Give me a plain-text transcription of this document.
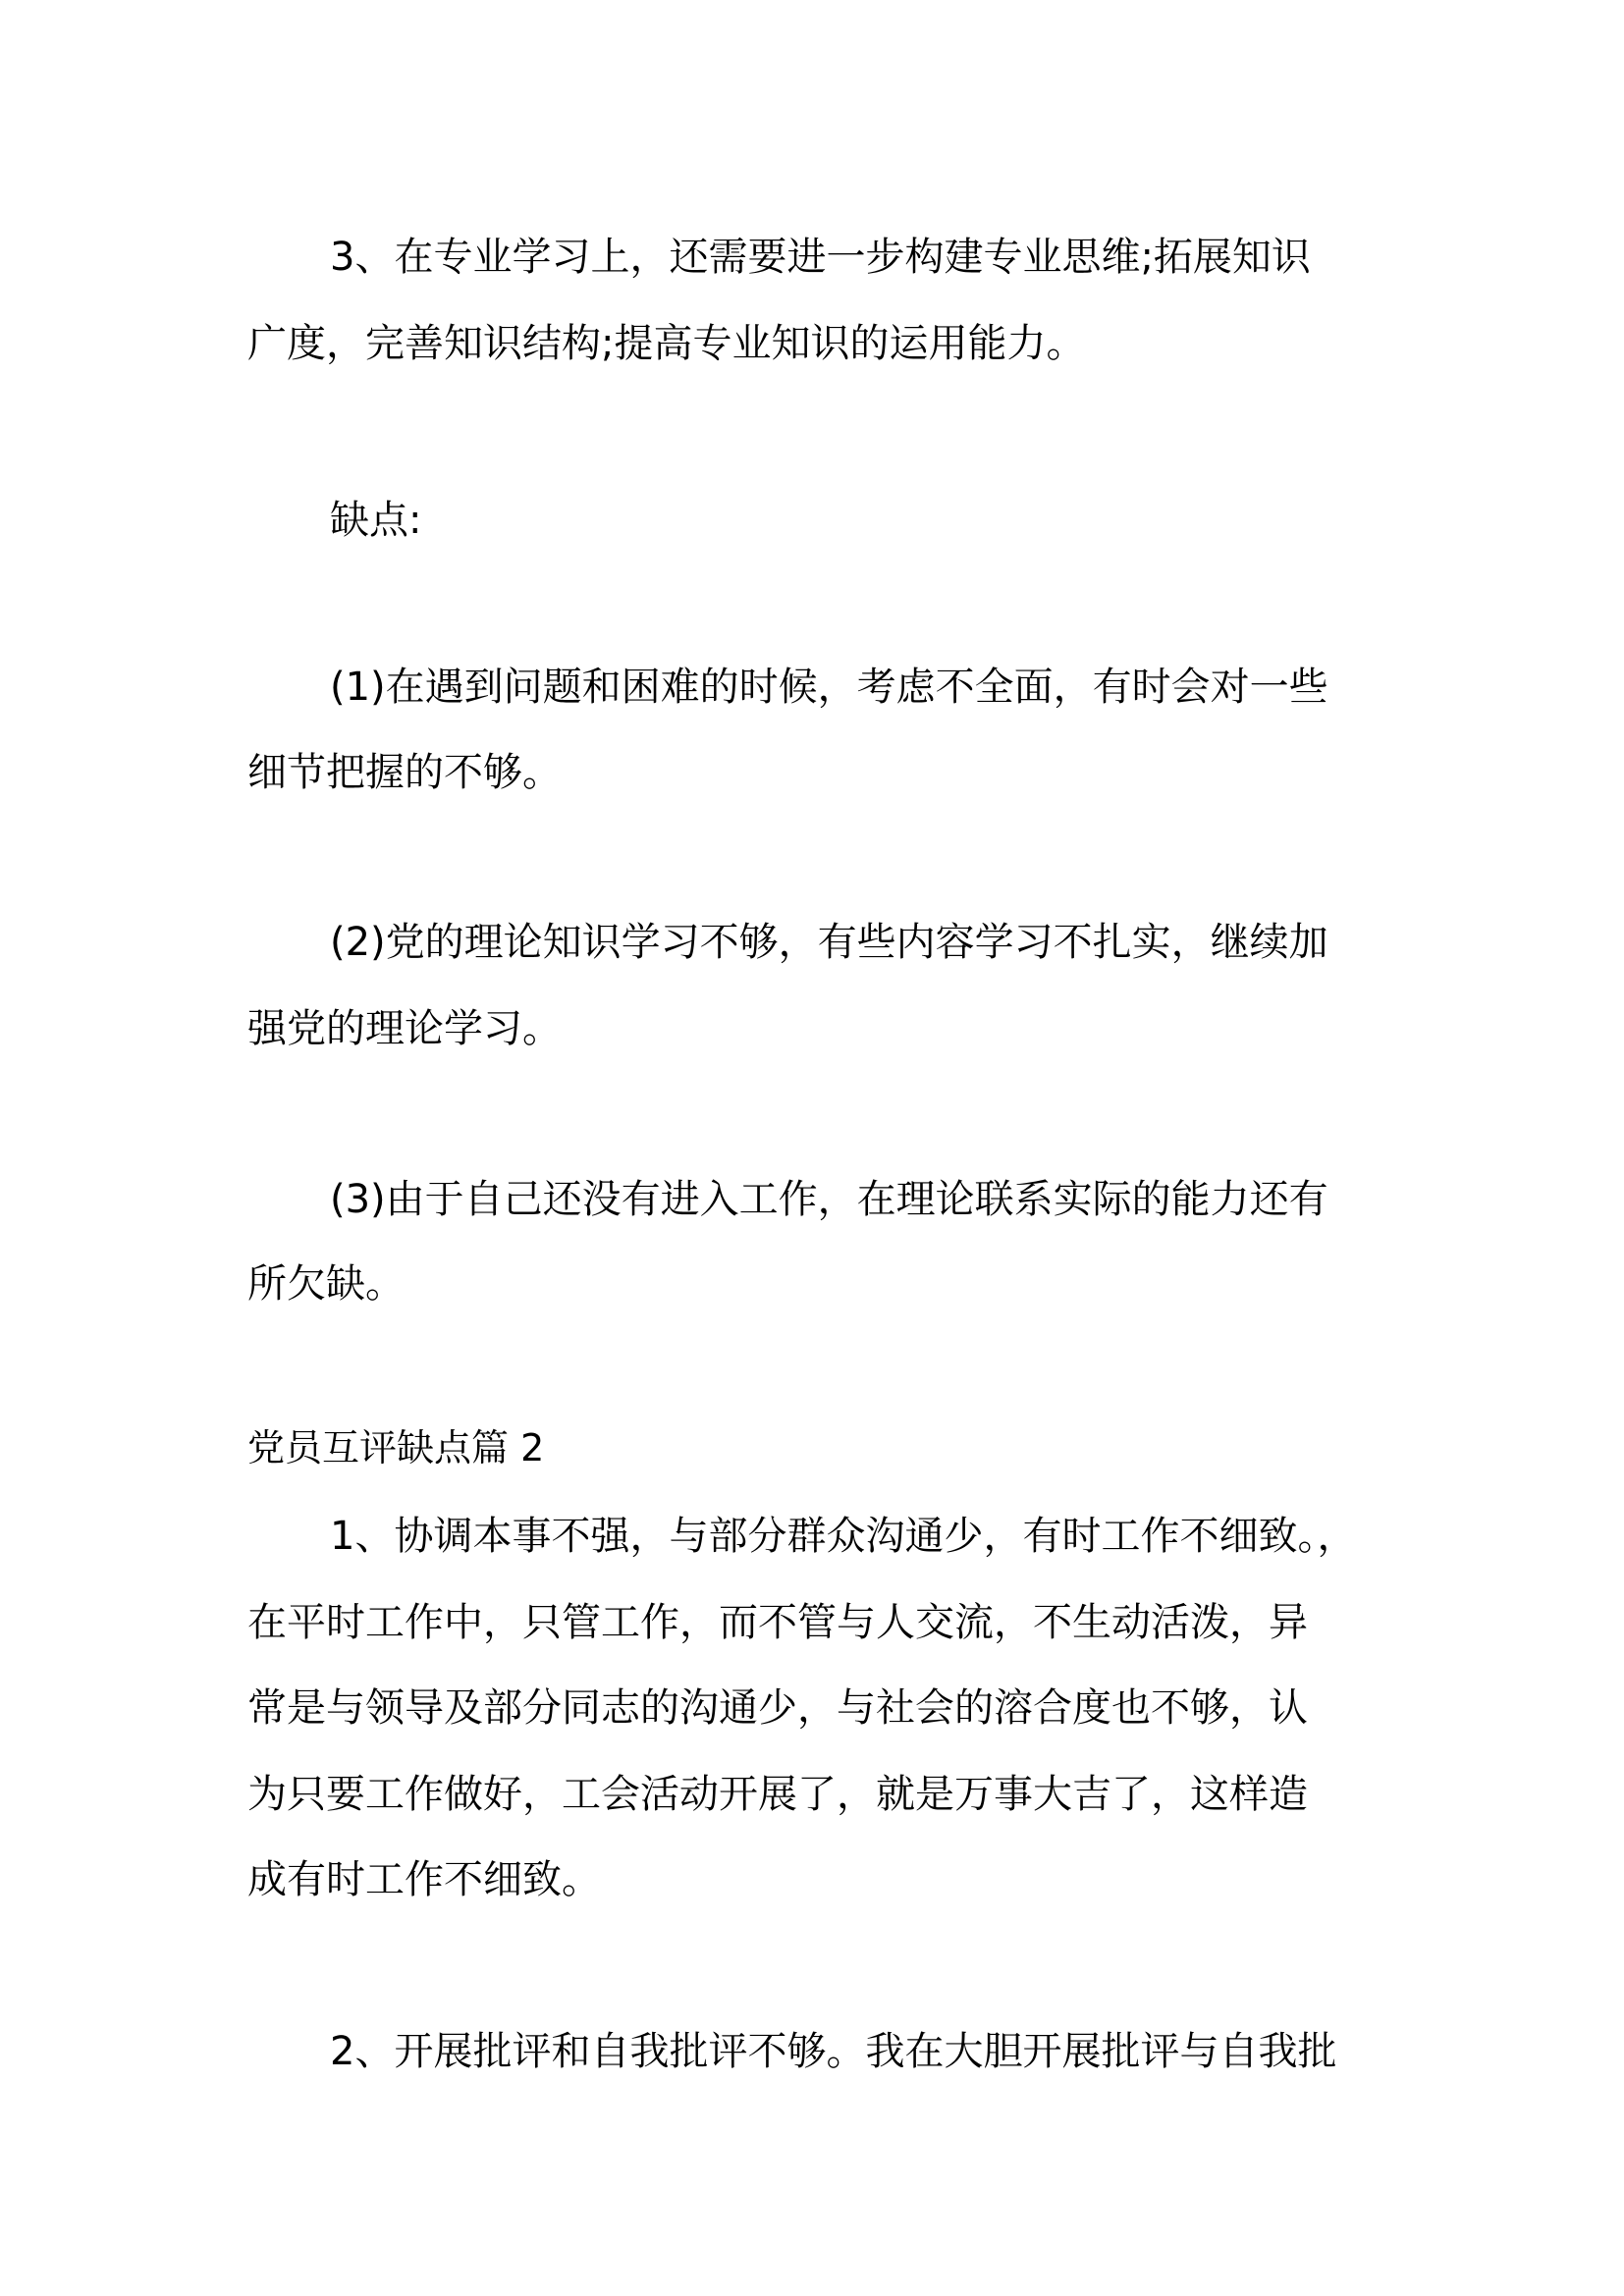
3、在专业学习上，还需要进一步构建专业思维;拓展知识
广度，完善知识结构;提高专业知识的运用能力。
缺点:
(1)在遇到问题和困难的时候，考虑不全面，有时会对一些
细节把握的不够。
(2)党的理论知识学习不够，有些内容学习不扎实，继续加
强党的理论学习。
(3)由于自己还没有进入工作，在理论联系实际的能力还有
所欠缺。
党员互评缺点篇 2
1、协调本事不强，与部分群众沟通少，有时工作不细致。，
在平时工作中，只管工作，而不管与人交流，不生动活泼，异
常是与领导及部分同志的沟通少，与社会的溶合度也不够，认
为只要工作做好，工会活动开展了，就是万事大吉了，这样造
成有时工作不细致。
2、开展批评和自我批评不够。我在大胆开展批评与自我批
